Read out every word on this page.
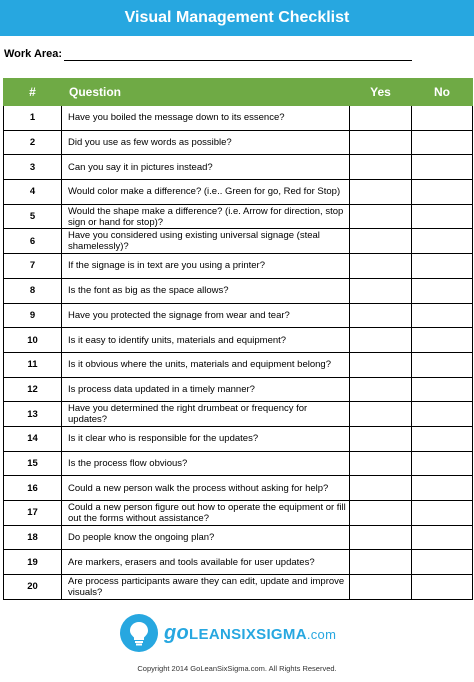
Visual Management Checklist
Work Area:
#	Question	Yes	No
1	Have you boiled the message down to its essence?		
2	Did you use as few words as possible?		
3	Can you say it in pictures instead?		
4	Would color make a difference? (i.e.. Green for go, Red for Stop)		
5	Would the shape make a difference? (i.e. Arrow for direction, stop sign or hand for stop)?		
6	Have you considered using existing universal signage (steal shamelessly)?		
7	If the signage is in text are you using a printer?		
8	Is the font as big as the space allows?		
9	Have you protected the signage from wear and tear?		
10	Is it easy to identify units, materials and equipment?		
11	Is it obvious where the units, materials and equipment belong?		
12	Is process data updated in a timely manner?		
13	Have you determined the right drumbeat or frequency for updates?		
14	Is it clear who is responsible for the updates?		
15	Is the process flow obvious?		
16	Could a new person walk the process without asking for help?		
17	Could a new person figure out how to operate the equipment or fill out the forms without assistance?		
18	Do people know the ongoing plan?		
19	Are markers, erasers and tools available for user updates?		
20	Are process participants aware they can edit, update and improve visuals?		
goLEANSIXSIGMA.com
Copyright 2014 GoLeanSixSigma.com. All Rights Reserved.
